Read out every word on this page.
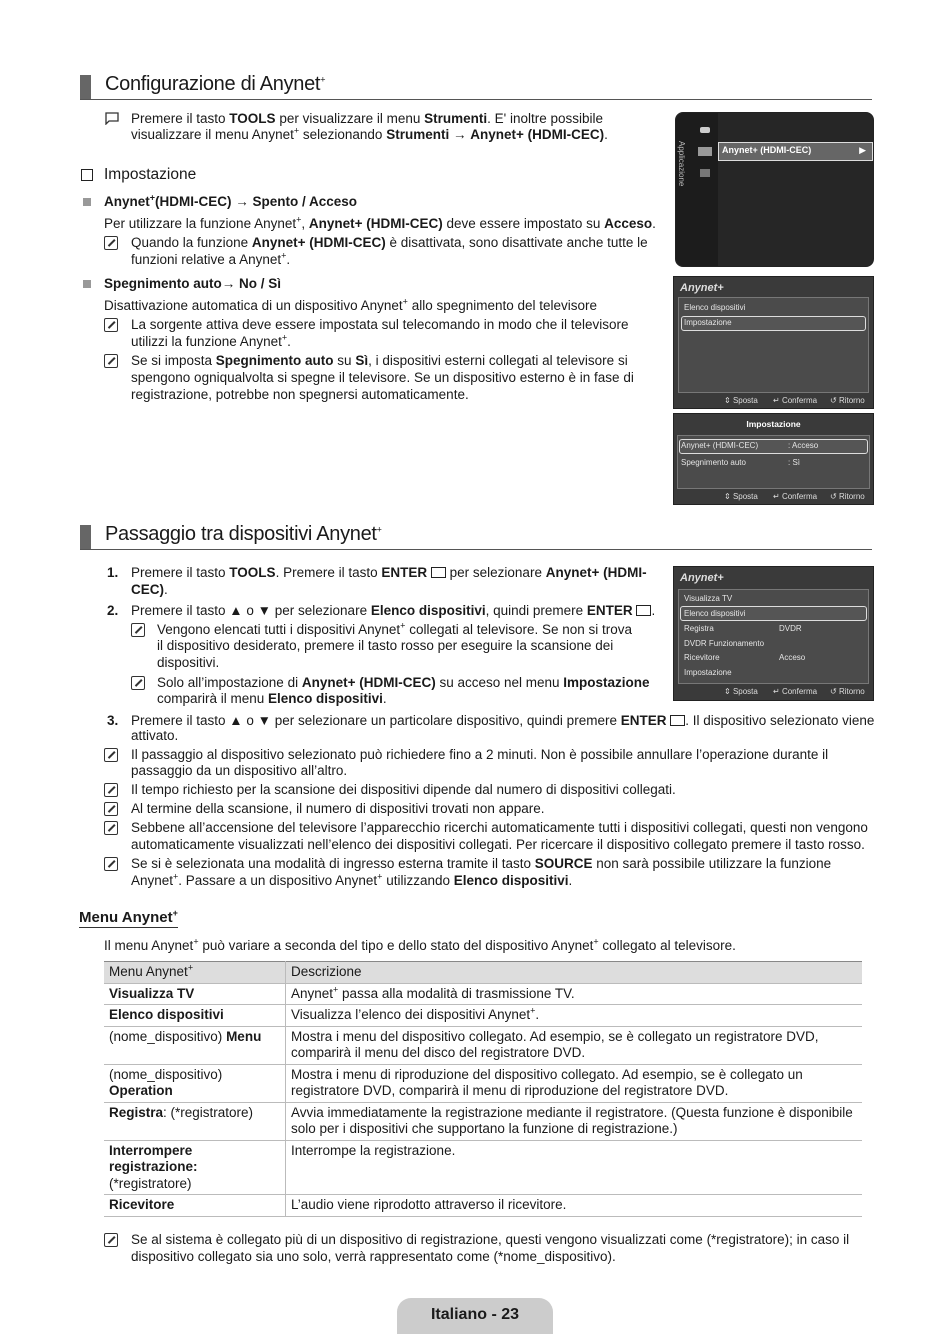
Configurazione di Anynet+
Premere il tasto TOOLS per visualizzare il menu Strumenti. E' inoltre possibile
visualizzare il menu Anynet+ selezionando Strumenti → Anynet+ (HDMI-CEC).
Impostazione
Anynet+(HDMI-CEC) → Spento / Acceso
Per utilizzare la funzione Anynet+, Anynet+ (HDMI-CEC) deve essere impostato su Acceso.
Quando la funzione Anynet+ (HDMI-CEC) è disattivata, sono disattivate anche tutte le
funzioni relative a Anynet+.
Spegnimento auto→ No / Sì
Disattivazione automatica di un dispositivo Anynet+ allo spegnimento del televisore
La sorgente attiva deve essere impostata sul telecomando in modo che il televisore
utilizzi la funzione Anynet+.
Se si imposta Spegnimento auto su Sì, i dispositivi esterni collegati al televisore si
spengono ogniqualvolta si spegne il televisore. Se un dispositivo esterno è in fase di
registrazione, potrebbe non spegnersi automaticamente.
Applicazione	Anynet+ (HDMI-CEC)	▶
Anynet+
Elenco dispositivi
Impostazione
⇕ Sposta ↵ Conferma ↺ Ritorno
Impostazione
Anynet+ (HDMI-CEC)	: Acceso
Spegnimento auto	: Sì
⇕ Sposta ↵ Conferma ↺ Ritorno
Passaggio tra dispositivi Anynet+
1. Premere il tasto TOOLS. Premere il tasto ENTER  per selezionare Anynet+ (HDMI-
CEC).
2. Premere il tasto ▲ o ▼ per selezionare Elenco dispositivi, quindi premere ENTER .
Vengono elencati tutti i dispositivi Anynet+ collegati al televisore. Se non si trova
il dispositivo desiderato, premere il tasto rosso per eseguire la scansione dei
dispositivi.
Solo all’impostazione di Anynet+ (HDMI-CEC) su acceso nel menu Impostazione
comparirà il menu Elenco dispositivi.
3. Premere il tasto ▲ o ▼ per selezionare un particolare dispositivo, quindi premere ENTER . Il dispositivo selezionato viene
attivato.
Anynet+
Visualizza TV
Elenco dispositivi
Registra	DVDR
DVDR Funzionamento
Ricevitore	Acceso
Impostazione
⇕ Sposta ↵ Conferma ↺ Ritorno
Il passaggio al dispositivo selezionato può richiedere fino a 2 minuti. Non è possibile annullare l’operazione durante il
passaggio da un dispositivo all’altro.
Il tempo richiesto per la scansione dei dispositivi dipende dal numero di dispositivi collegati.
Al termine della scansione, il numero di dispositivi trovati non appare.
Sebbene all’accensione del televisore l’apparecchio ricerchi automaticamente tutti i dispositivi collegati, questi non vengono
automaticamente visualizzati nell’elenco dei dispositivi collegati. Per ricercare il dispositivo collegato premere il tasto rosso.
Se si è selezionata una modalità di ingresso esterna tramite il tasto SOURCE non sarà possibile utilizzare la funzione
Anynet+. Passare a un dispositivo Anynet+ utilizzando Elenco dispositivi.
Menu Anynet+
Il menu Anynet+ può variare a seconda del tipo e dello stato del dispositivo Anynet+ collegato al televisore.
Menu Anynet+	Descrizione
Visualizza TV	Anynet+ passa alla modalità di trasmissione TV.
Elenco dispositivi	Visualizza l’elenco dei dispositivi Anynet+.
(nome_dispositivo) Menu	Mostra i menu del dispositivo collegato. Ad esempio, se è collegato un registratore DVD,
comparirà il menu del disco del registratore DVD.
(nome_dispositivo)
Operation	Mostra i menu di riproduzione del dispositivo collegato. Ad esempio, se è collegato un
registratore DVD, comparirà il menu di riproduzione del registratore DVD.
Registra: (*registratore)	Avvia immediatamente la registrazione mediante il registratore. (Questa funzione è disponibile
solo per i dispositivi che supportano la funzione di registrazione.)
Interrompere
registrazione:
(*registratore)	Interrompe la registrazione.
Ricevitore	L’audio viene riprodotto attraverso il ricevitore.
Se al sistema è collegato più di un dispositivo di registrazione, questi vengono visualizzati come (*registratore); in caso il
dispositivo collegato sia uno solo, verrà rappresentato come (*nome_dispositivo).
Italiano - 23
